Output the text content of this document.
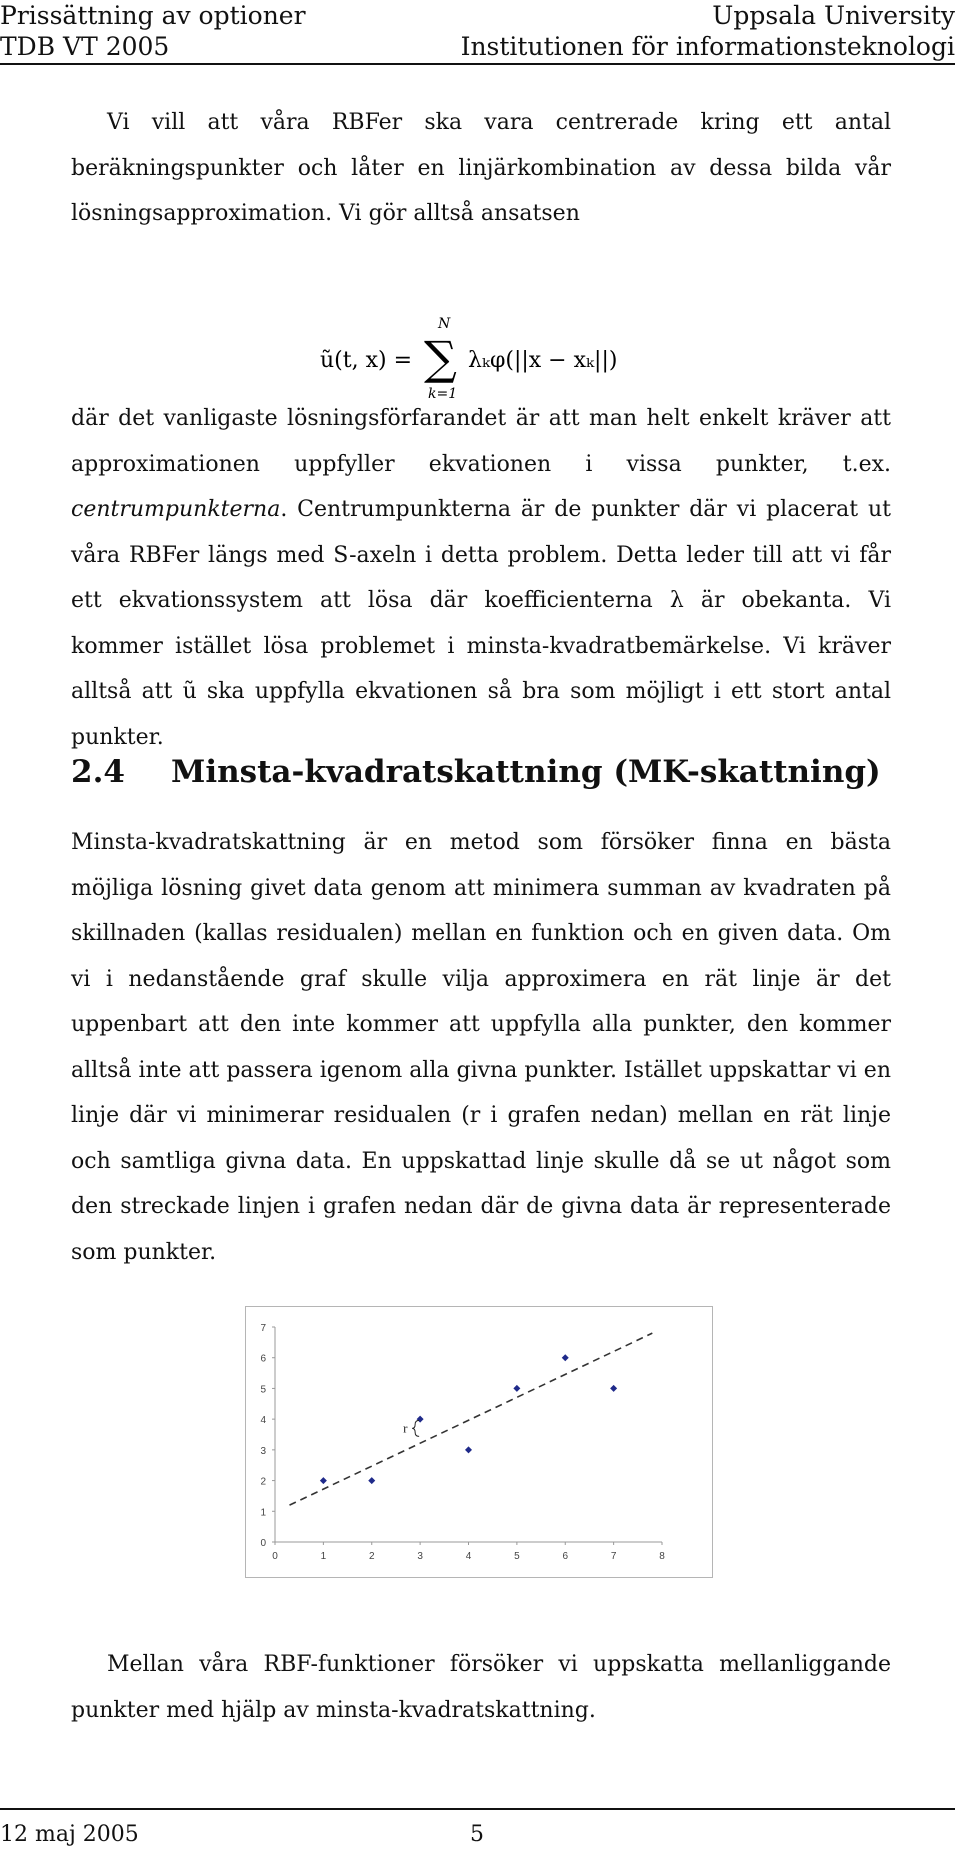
Prissättning av optioner
TDB VT 2005
Uppsala University
Institutionen för informationsteknologi
Vi vill att våra RBFer ska vara centrerade kring ett antal beräkningspunkter och låter en linjärkombination av dessa bilda vår lösningsapproximation. Vi gör alltså ansatsen
ũ(t, x) =
N
∑
k=1
λₖφ(||x − xₖ||)
där det vanligaste lösningsförfarandet är att man helt enkelt kräver att approximationen uppfyller ekvationen i vissa punkter, t.ex. centrumpunkterna. Centrumpunkterna är de punkter där vi placerat ut våra RBFer längs med S-axeln i detta problem. Detta leder till att vi får ett ekvationssystem att lösa där koefficienterna λ är obekanta. Vi kommer istället lösa problemet i minsta-kvadratbemärkelse. Vi kräver alltså att ũ ska uppfylla ekvationen så bra som möjligt i ett stort antal punkter.
2.4 Minsta-kvadratskattning (MK-skattning)
Minsta-kvadratskattning är en metod som försöker finna en bästa möjliga lösning givet data genom att minimera summan av kvadraten på skillnaden (kallas residualen) mellan en funktion och en given data. Om vi i nedanstående graf skulle vilja approximera en rät linje är det uppenbart att den inte kommer att uppfylla alla punkter, den kommer alltså inte att passera igenom alla givna punkter. Istället uppskattar vi en linje där vi minimerar residualen (r i grafen nedan) mellan en rät linje och samtliga givna data. En uppskattad linje skulle då se ut något som den streckade linjen i grafen nedan där de givna data är representerade som punkter.
0
1
2
3
4
5
6
7
0	1	2	3	4	5	6	7	8
r
Mellan våra RBF-funktioner försöker vi uppskatta mellanliggande punkter med hjälp av minsta-kvadratskattning.
12 maj 2005	5
